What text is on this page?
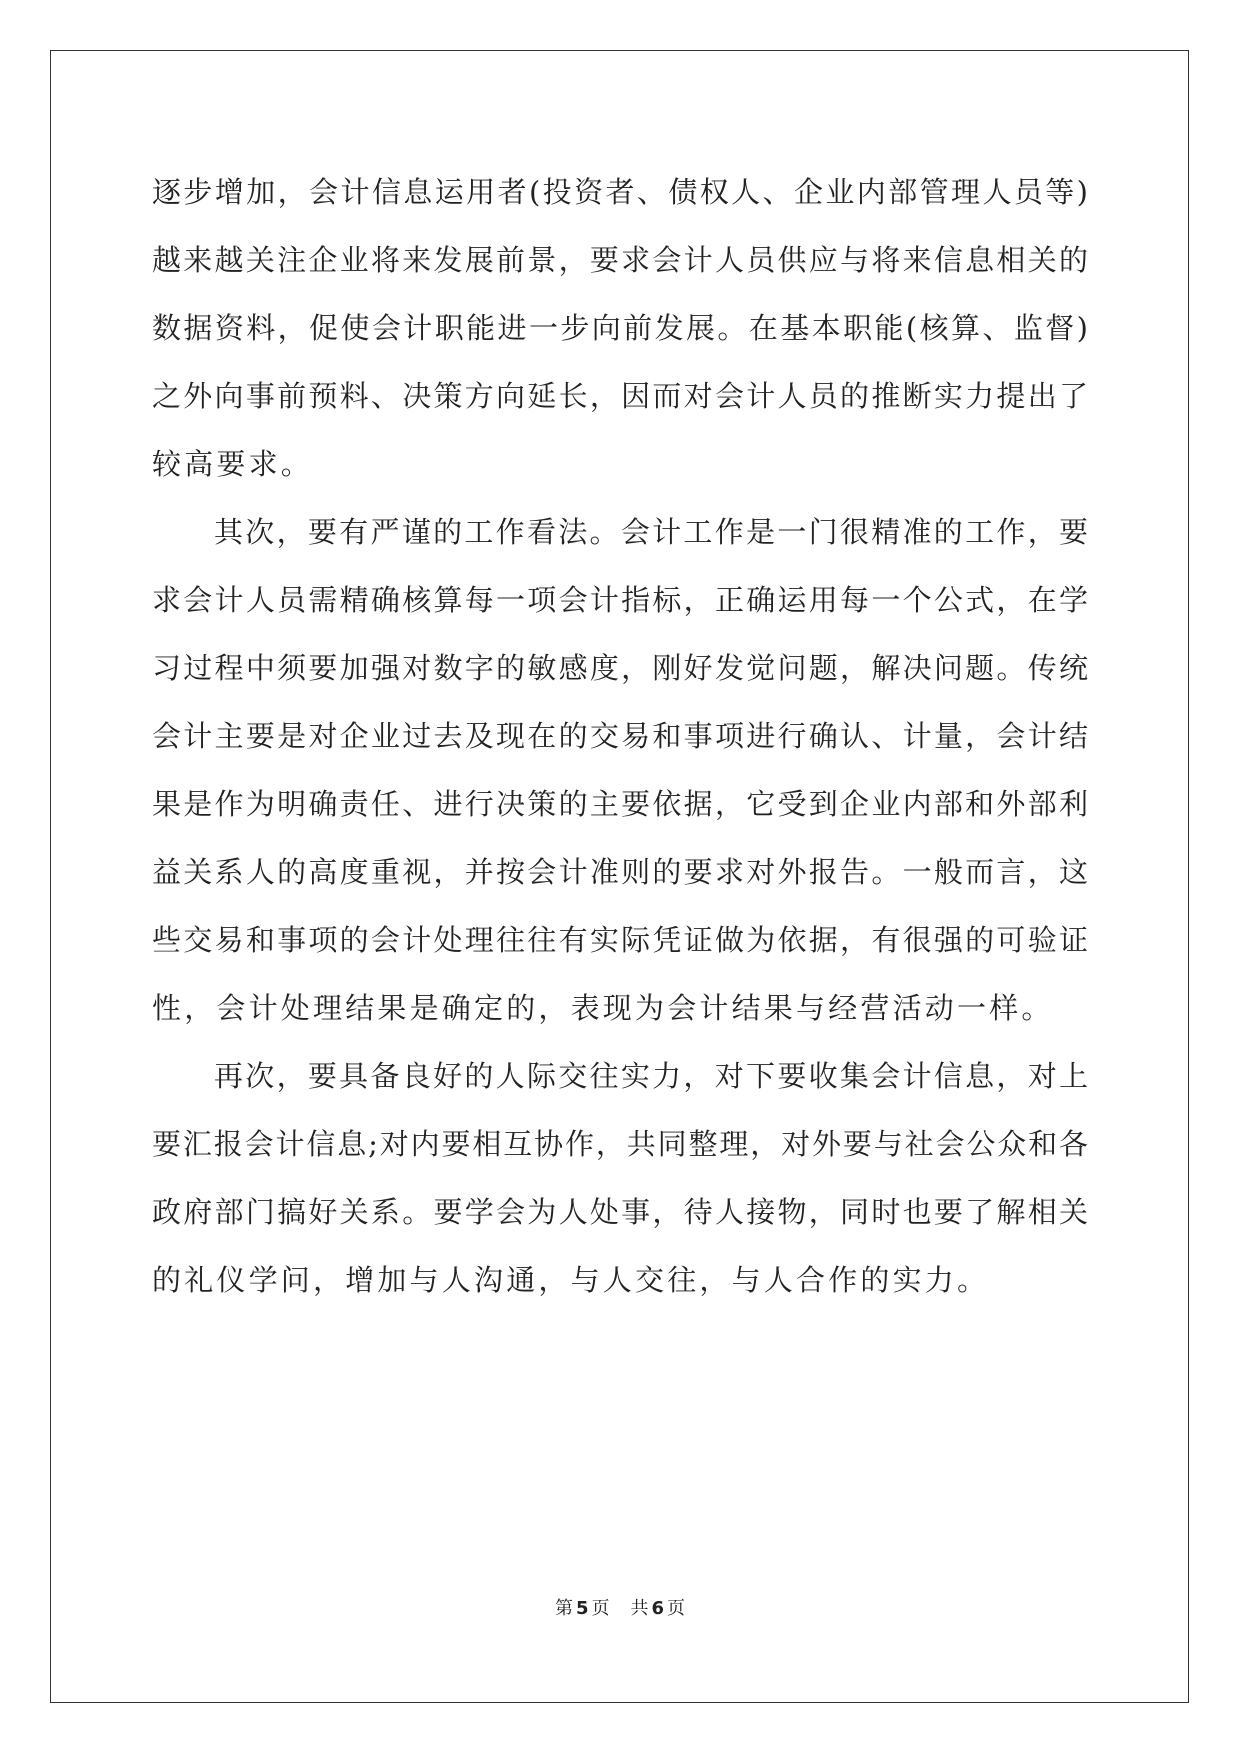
逐步增加，会计信息运用者(投资者、债权人、企业内部管理人员等)
越来越关注企业将来发展前景，要求会计人员供应与将来信息相关的
数据资料，促使会计职能进一步向前发展。在基本职能(核算、监督)
之外向事前预料、决策方向延长，因而对会计人员的推断实力提出了
较高要求。
其次，要有严谨的工作看法。会计工作是一门很精准的工作，要
求会计人员需精确核算每一项会计指标，正确运用每一个公式，在学
习过程中须要加强对数字的敏感度，刚好发觉问题，解决问题。传统
会计主要是对企业过去及现在的交易和事项进行确认、计量，会计结
果是作为明确责任、进行决策的主要依据，它受到企业内部和外部利
益关系人的高度重视，并按会计准则的要求对外报告。一般而言，这
些交易和事项的会计处理往往有实际凭证做为依据，有很强的可验证
性，会计处理结果是确定的，表现为会计结果与经营活动一样。
再次，要具备良好的人际交往实力，对下要收集会计信息，对上
要汇报会计信息;对内要相互协作，共同整理，对外要与社会公众和各
政府部门搞好关系。要学会为人处事，待人接物，同时也要了解相关
的礼仪学问，增加与人沟通，与人交往，与人合作的实力。
第 5 页 共 6 页
